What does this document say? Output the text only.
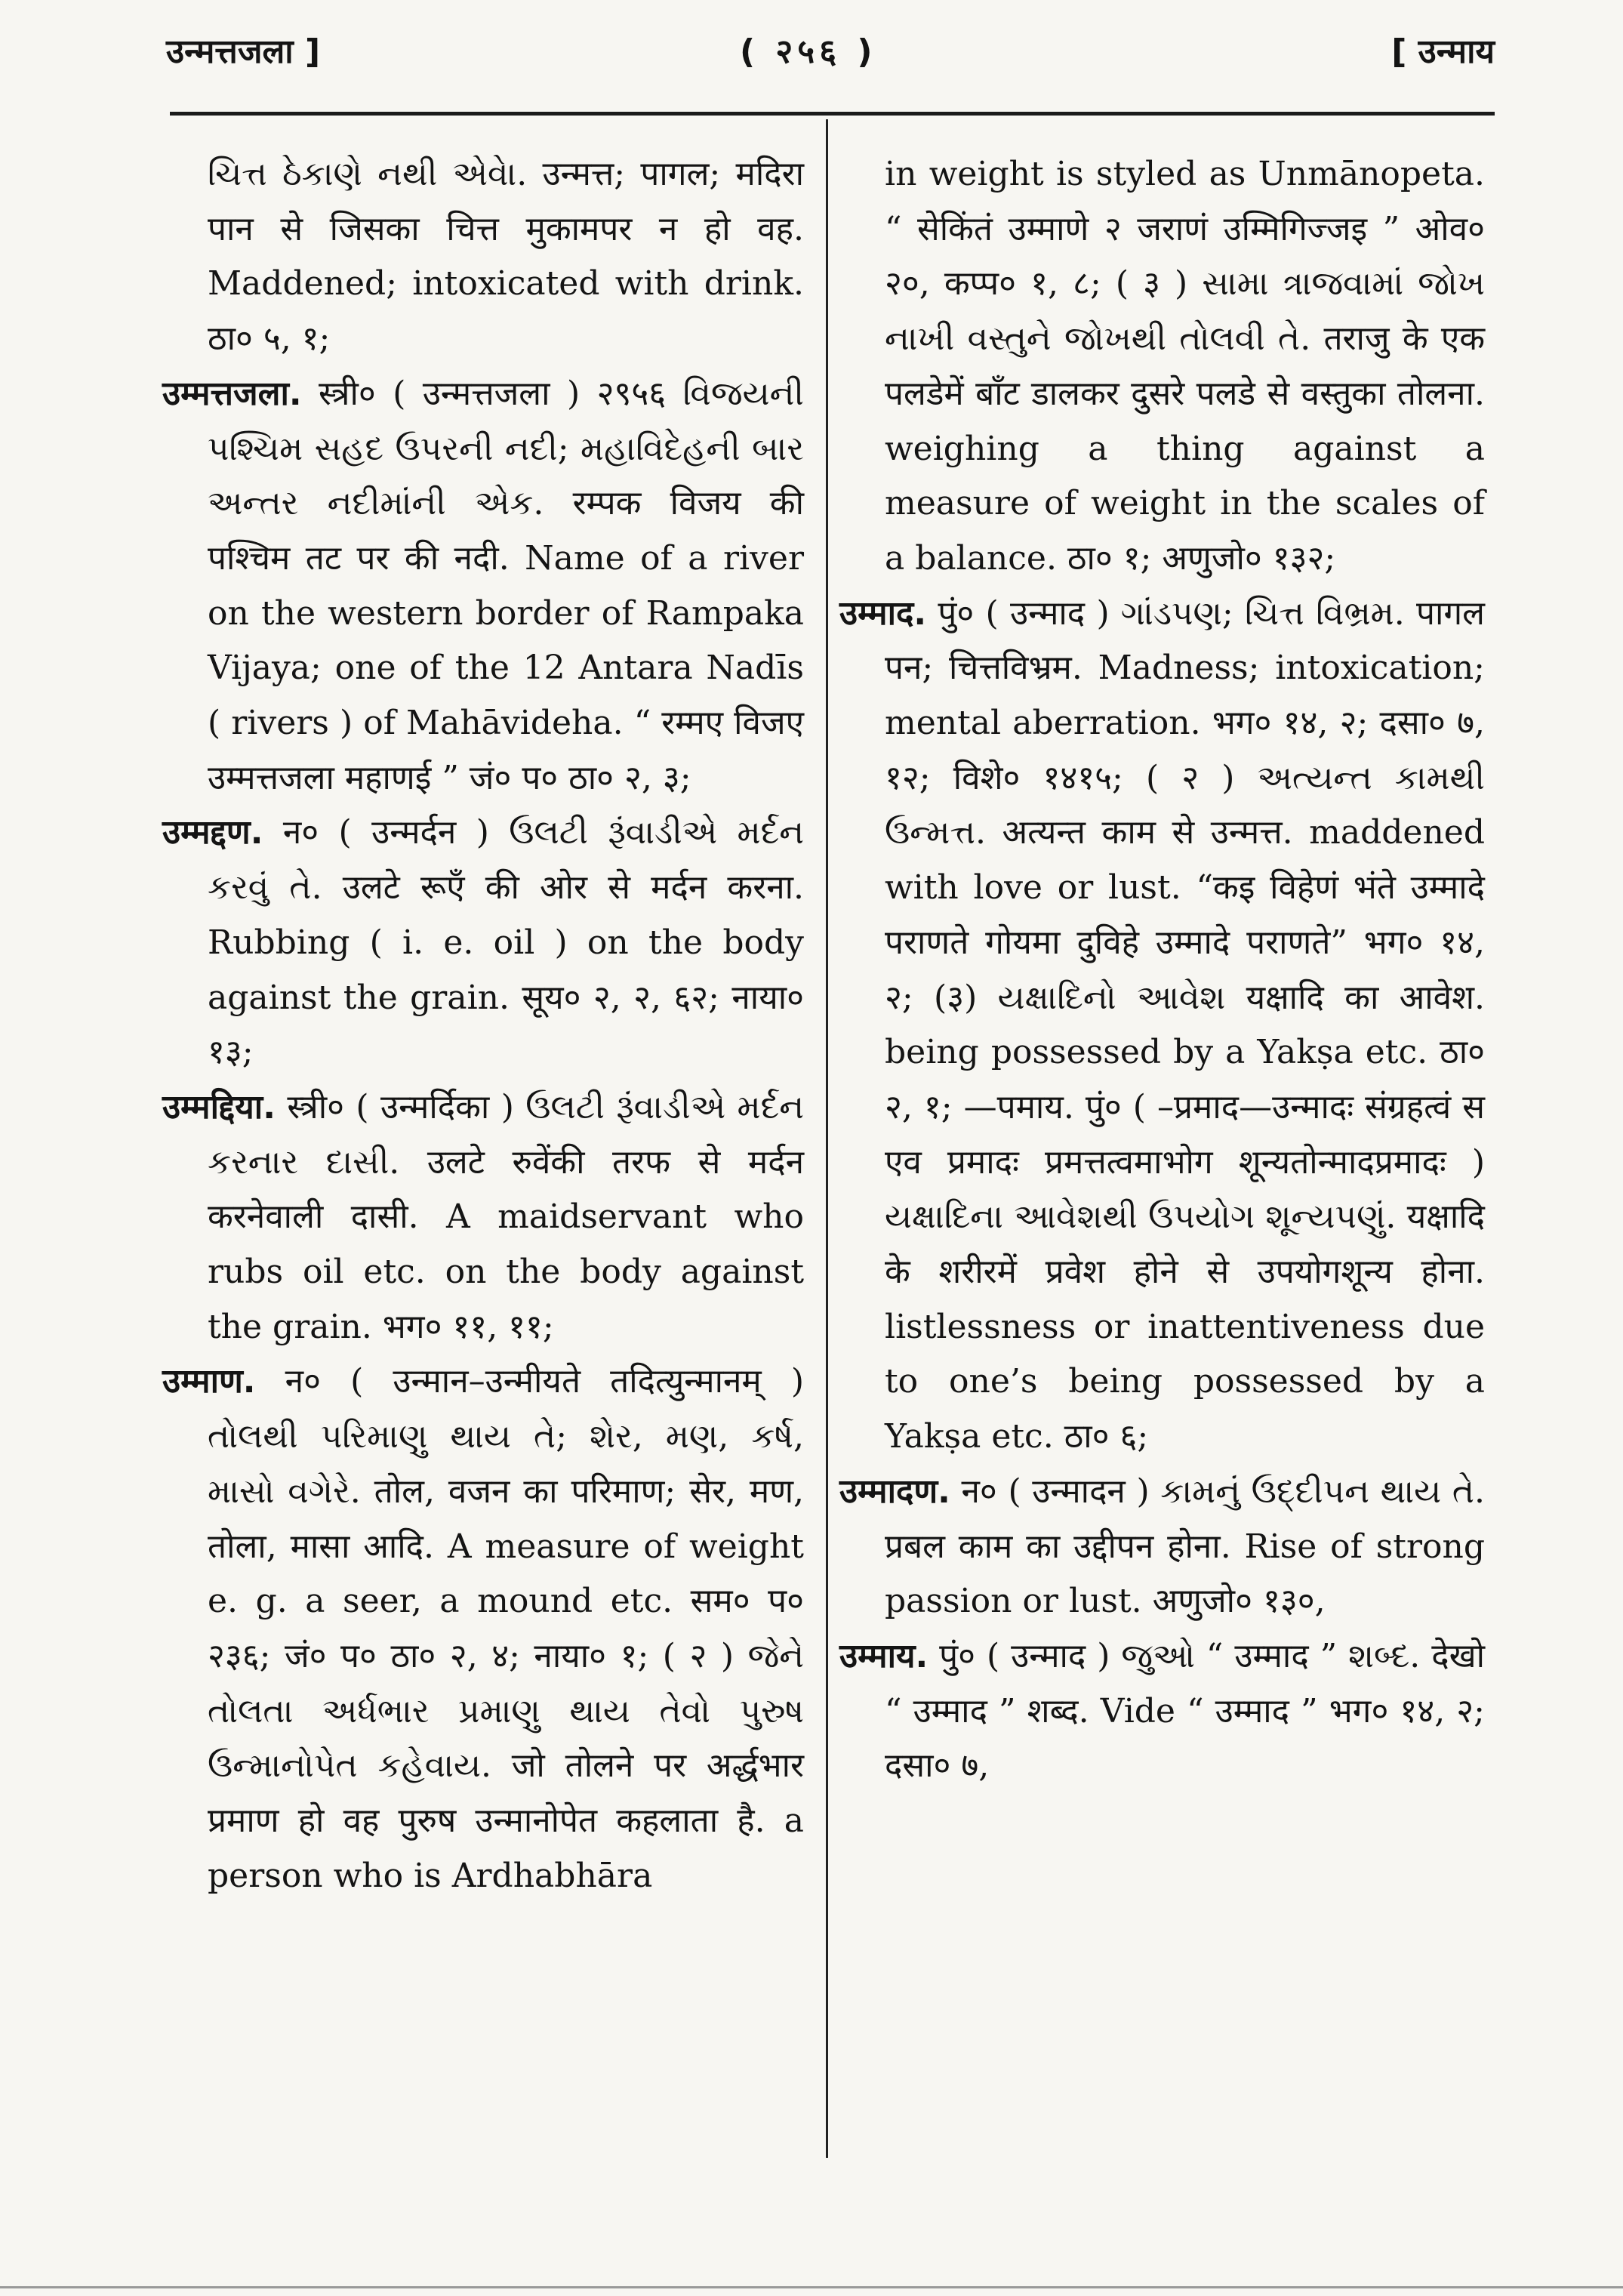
उन्मत्तजला ]	( २५६ )	[ उन्माय

ચિત્ત ઠેકાણે નથી એવેા. उन्मत्त; पागल; मदिरा पान से जिसका चित्त मुकामपर न हो वह. Maddened; intoxicated with drink. ठा० ५, १;

उम्मत्तजला. स्त्री० ( उन्मत्तजला ) २९५६ વિજયની પશ્ચિમ સહદ ઉપરની નદી; મહાવિદેહની બાર અન્તર નદીમાંની એક. रम्पक विजय की पश्चिम तट पर की नदी. Name of a river on the western border of Rampaka Vijaya; one of the 12 Antara Nadīs ( rivers ) of Mahāvideha. “ रम्मए विजए उम्मत्तजला महाणई ” जं० प० ठा० २, ३;

उम्मद्दण. न० ( उन्मर्दन ) ઉલટી રૂંવાડીએ મર્દન કરવું તે. उलटे रूएँ की ओर से मर्दन करना. Rubbing ( i. e. oil ) on the body against the grain. सूय० २, २, ६२; नाया० १३;

उम्मद्दिया. स्त्री० ( उन्मर्दिका ) ઉલટી રૂંવાડીએ મર્દન કરનાર દાસી. उलटे रुवेंकी तरफ से मर्दन करनेवाली दासी. A maidservant who rubs oil etc. on the body against the grain. भग० ११, ११;

उम्माण. न० ( उन्मान–उन्मीयते तदित्युन्मानम् ) તોલથી પરિમાણુ થાય તે; શેર, મણ, કર્ષ, માસો વગેરે. तोल, वजन का परिमाण; सेर, मण, तोला, मासा आदि. A measure of weight e. g. a seer, a mound etc. सम० प० २३६; जं० प० ठा० २, ४; नाया० १; ( २ ) જેને તોલતા અર્ધભાર પ્રમાણુ થાય તેવો પુરુષ ઉન્માનોપેત કહેવાય. जो तोलने पर अर्द्धभार प्रमाण हो वह पुरुष उन्मानोपेत कहलाता है. a person who is Ardhabhāra

in weight is styled as Unmānopeta. “ सेकिंतं उम्माणे २ जराणं उम्मिगिज्जइ ” ओव० २०, कप्प० १, ८; ( ३ ) સામા ત્રાજવામાં જોખ નાખી વસ્તુને જોખથી તોલવી તે. तराजु के एक पलडेमें बाँट डालकर दुसरे पलडे से वस्तुका तोलना. weighing a thing against a measure of weight in the scales of a balance. ठा० १; अणुजो० १३२;

उम्माद. पुं० ( उन्माद ) ગાંડપણ; ચિત્ત વિભ્રમ. पागल पन; चित्तविभ्रम. Madness; intoxication; mental aberration. भग० १४, २; दसा० ७, १२; विशे० १४१५; ( २ ) અત્યન્ત કામથી ઉન્મત્ત. अत्यन्त काम से उन्मत्त. maddened with love or lust. “कइ विहेणं भंते उम्मादे पराणते गोयमा दुविहे उम्मादे पराणते” भग० १४, २; (३) યક્ષાદિનો આવેશ यक्षादि का आवेश. being possessed by a Yakṣa etc. ठा० २, १; —पमाय. पुं० ( –प्रमाद—उन्मादः संग्रहत्वं स एव प्रमादः प्रमत्तत्वमाभोग शून्यतोन्मादप्रमादः ) યક્ષાદિના આવેશથી ઉપયોગ શૂન્યપણું. यक्षादि के शरीरमें प्रवेश होने से उपयोगशून्य होना. listlessness or inattentiveness due to one’s being possessed by a Yakṣa etc. ठा० ६;

उम्मादण. न० ( उन्मादन ) કામનું ઉદ્દીપન થાય તે. प्रबल काम का उद्दीपन होना. Rise of strong passion or lust. अणुजो० १३०,

उम्माय. पुं० ( उन्माद ) જુઓ “ उम्माद ” શબ્દ. देखो “ उम्माद ” शब्द. Vide “ उम्माद ” भग० १४, २; दसा० ७,
